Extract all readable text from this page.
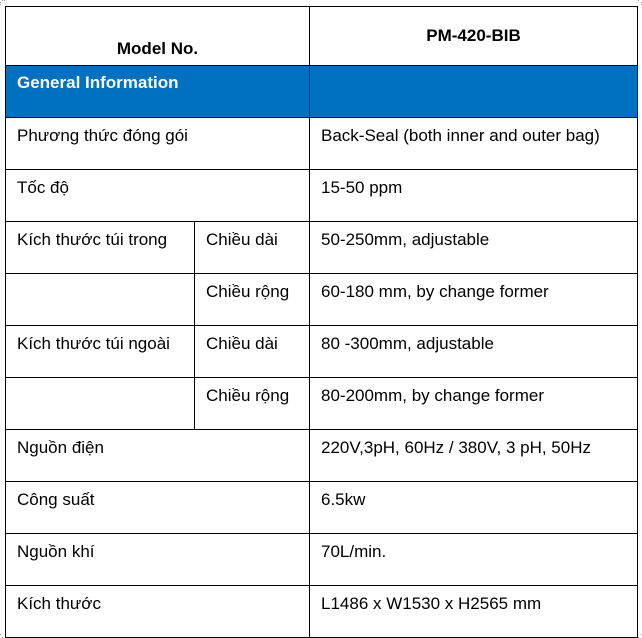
Model No.		PM-420-BIB
General Information		
Phương thức đóng gói		Back-Seal (both inner and outer bag)
Tốc độ		15-50 ppm
Kích thước túi trong	Chiều dài	50-250mm, adjustable
	Chiều rộng	60-180 mm, by change former
Kích thước túi ngoài	Chiều dài	80 -300mm, adjustable
	Chiều rộng	80-200mm, by change former
Nguồn điện		220V,3pH, 60Hz / 380V, 3 pH, 50Hz
Công suất		6.5kw
Nguồn khí		70L/min.
Kích thước		L1486 x W1530 x H2565 mm
